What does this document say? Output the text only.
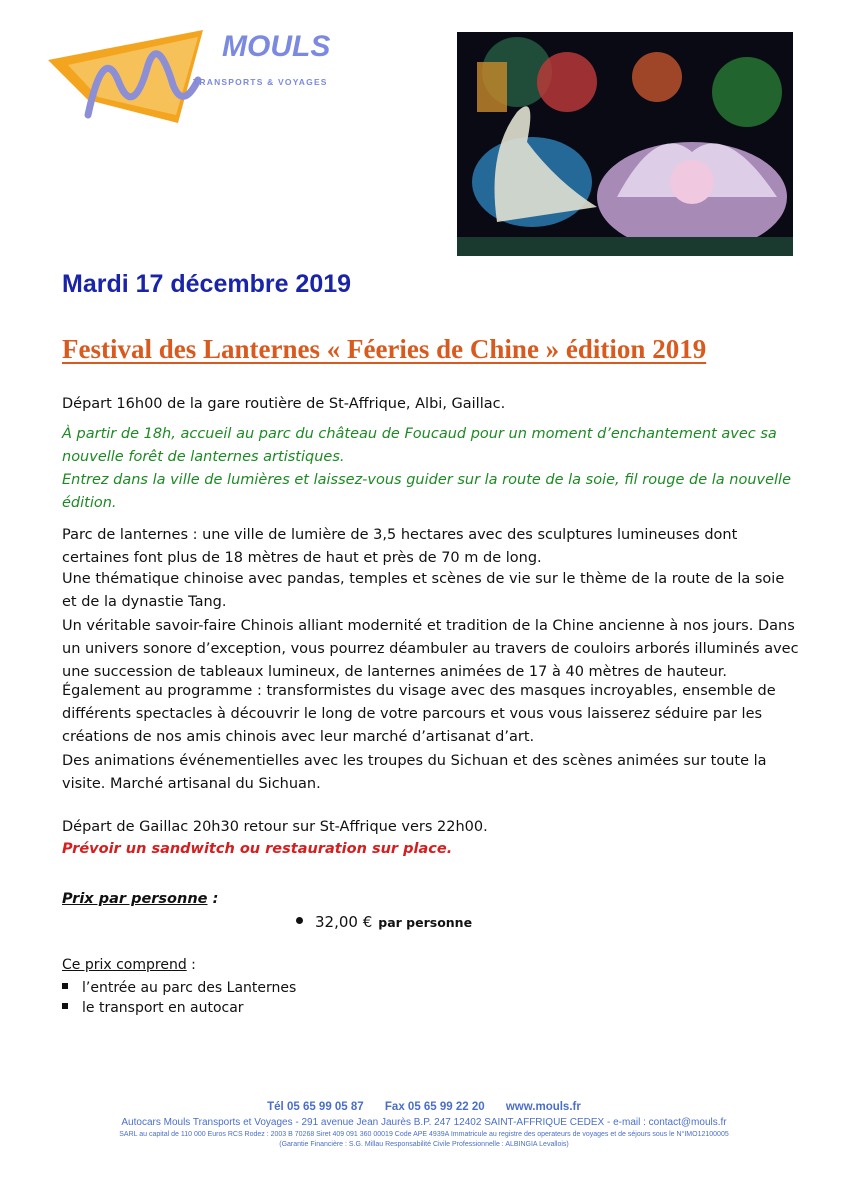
MOULS
TRANSPORTS & VOYAGES
Mardi 17 décembre 2019
Festival des Lanternes « Féeries de Chine » édition 2019
Départ 16h00 de la gare routière de St-Affrique, Albi, Gaillac.
À partir de 18h, accueil au parc du château de Foucaud pour un moment d’enchantement avec sa nouvelle forêt de lanternes artistiques.
Entrez dans la ville de lumières et laissez-vous guider sur la route de la soie, fil rouge de la nouvelle édition.
Parc de lanternes : une ville de lumière de 3,5 hectares avec des sculptures lumineuses dont certaines font plus de 18 mètres de haut et près de 70 m de long.
Une thématique chinoise avec pandas, temples et scènes de vie sur le thème de la route de la soie et de la dynastie Tang.
Un véritable savoir-faire Chinois alliant modernité et tradition de la Chine ancienne à nos jours. Dans un univers sonore d’exception, vous pourrez déambuler au travers de couloirs arborés illuminés avec une succession de tableaux lumineux, de lanternes animées de 17 à 40 mètres de hauteur.
Également au programme : transformistes du visage avec des masques incroyables, ensemble de différents spectacles à découvrir le long de votre parcours et vous vous laisserez séduire par les créations de nos amis chinois avec leur marché d’artisanat d’art.
Des animations événementielles avec les troupes du Sichuan et des scènes animées sur toute la visite. Marché artisanal du Sichuan.
Départ de Gaillac 20h30 retour sur St-Affrique vers 22h00.
Prévoir un sandwitch ou restauration sur place.
Prix par personne :
32,00 € par personne
Ce prix comprend :
l’entrée au parc des Lanternes
le transport en autocar
Tél 05 65 99 05 87 Fax 05 65 99 22 20 www.mouls.fr
Autocars Mouls Transports et Voyages - 291 avenue Jean Jaurès B.P. 247 12402 SAINT-AFFRIQUE CEDEX - e-mail : contact@mouls.fr
SARL au capital de 110 000 Euros RCS Rodez : 2003 B 70268 Siret 409 091 360 00019 Code APE 4939A Immatricule au registre des operateurs de voyages et de séjours sous le N°IMO12100005
(Garantie Financière : S.G. Millau Responsabilité Civile Professionnelle : ALBINGIA Levallois)
